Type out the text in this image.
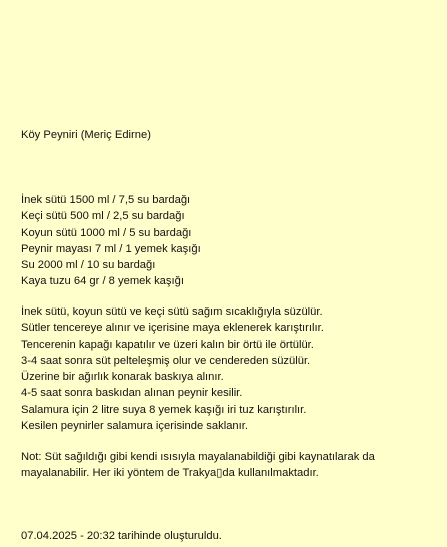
Köy Peyniri (Meriç Edirne)
İnek sütü 1500 ml / 7,5 su bardağı
Keçi sütü 500 ml / 2,5 su bardağı
Koyun sütü 1000 ml / 5 su bardağı
Peynir mayası 7 ml / 1 yemek kaşığı
Su 2000 ml / 10 su bardağı
Kaya tuzu 64 gr / 8 yemek kaşığı
İnek sütü, koyun sütü ve keçi sütü sağım sıcaklığıyla süzülür.
Sütler tencereye alınır ve içerisine maya eklenerek karıştırılır.
Tencerenin kapağı kapatılır ve üzeri kalın bir örtü ile örtülür.
3-4 saat sonra süt pelteleşmiş olur ve cendereden süzülür.
Üzerine bir ağırlık konarak baskıya alınır.
4-5 saat sonra baskıdan alınan peynir kesilir.
Salamura için 2 litre suya 8 yemek kaşığı iri tuz karıştırılır.
Kesilen peynirler salamura içerisinde saklanır.
Not: Süt sağıldığı gibi kendi ısısıyla mayalanabildiği gibi kaynatılarak da mayalanabilir. Her iki yöntem de Trakya▯da kullanılmaktadır.
07.04.2025 - 20:32 tarihinde oluşturuldu.
